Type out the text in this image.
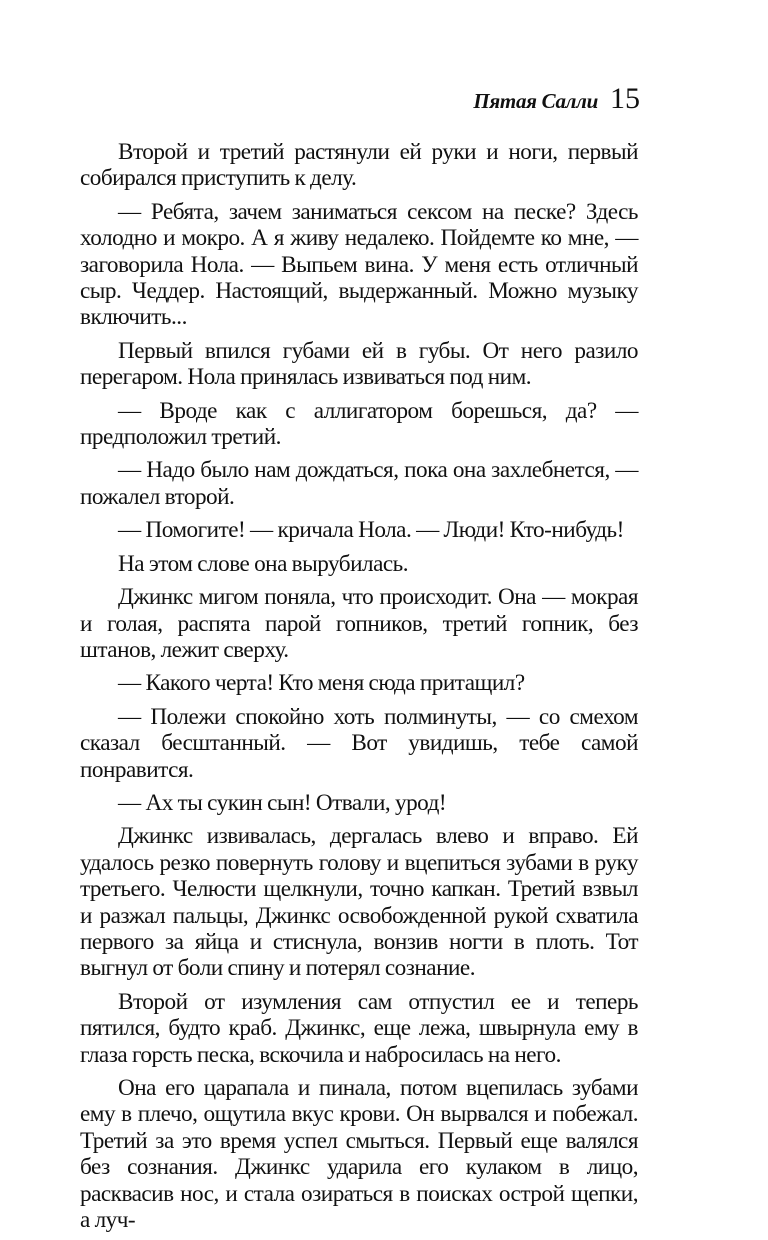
Пятая Салли 15

Второй и третий растянули ей руки и ноги, первый собирался приступить к делу.

— Ребята, зачем заниматься сексом на песке? Здесь холодно и мокро. А я живу недалеко. Пойдемте ко мне, — заговорила Нола. — Выпьем вина. У меня есть отличный сыр. Чеддер. Настоящий, выдержанный. Можно музыку включить...

Первый впился губами ей в губы. От него разило перегаром. Нола принялась извиваться под ним.

— Вроде как с аллигатором борешься, да? — предположил третий.

— Надо было нам дождаться, пока она захлебнется, — пожалел второй.

— Помогите! — кричала Нола. — Люди! Кто-нибудь!

На этом слове она вырубилась.

Джинкс мигом поняла, что происходит. Она — мокрая и голая, распята парой гопников, третий гопник, без штанов, лежит сверху.

— Какого черта! Кто меня сюда притащил?

— Полежи спокойно хоть полминуты, — со смехом сказал бесштанный. — Вот увидишь, тебе самой понравится.

— Ах ты сукин сын! Отвали, урод!

Джинкс извивалась, дергалась влево и вправо. Ей удалось резко повернуть голову и вцепиться зубами в руку третьего. Челюсти щелкнули, точно капкан. Третий взвыл и разжал пальцы, Джинкс освобожденной рукой схватила первого за яйца и стиснула, вонзив ногти в плоть. Тот выгнул от боли спину и потерял сознание.

Второй от изумления сам отпустил ее и теперь пятился, будто краб. Джинкс, еще лежа, швырнула ему в глаза горсть песка, вскочила и набросилась на него.

Она его царапала и пинала, потом вцепилась зубами ему в плечо, ощутила вкус крови. Он вырвался и побежал. Третий за это время успел смыться. Первый еще валялся без сознания. Джинкс ударила его кулаком в лицо, расквасив нос, и стала озираться в поисках острой щепки, а луч-
